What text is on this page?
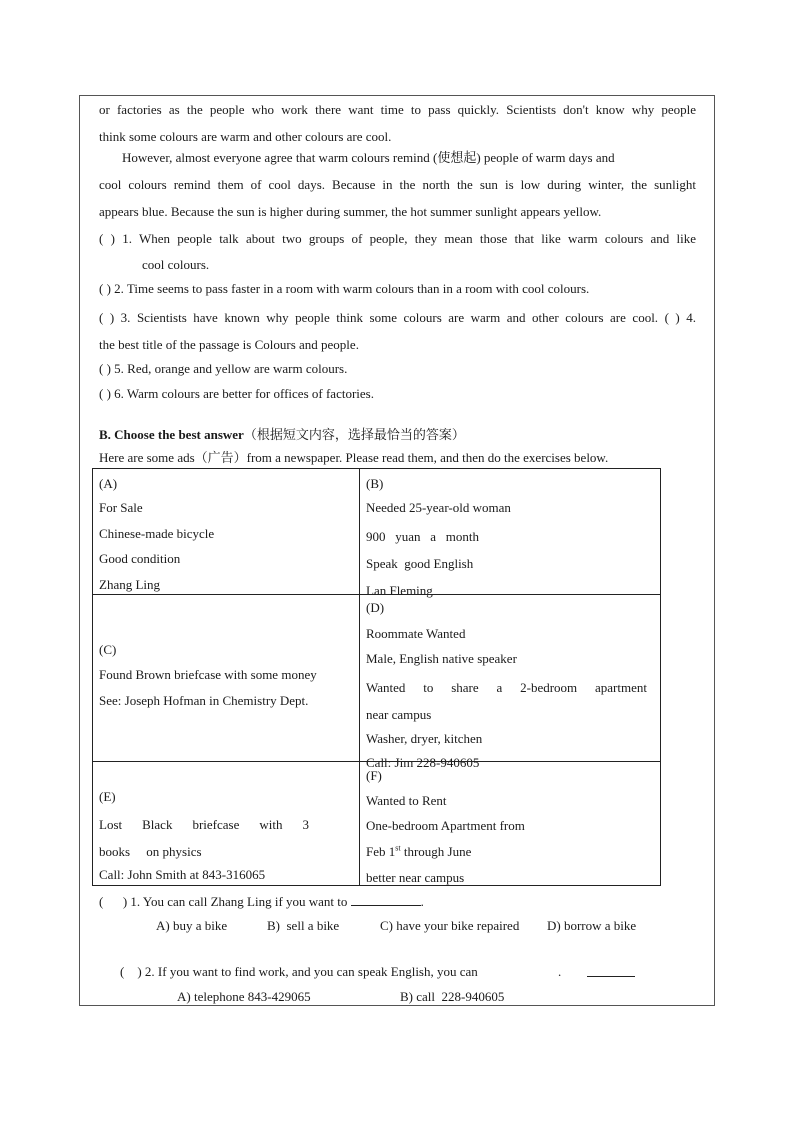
or factories as the people who work there want time to pass quickly. Scientists don't know why people
think some colours are warm and other colours are cool.
However, almost everyone agree that warm colours remind (使想起) people of warm days and
cool colours remind them of cool days. Because in the north the sun is low during winter, the sunlight
appears blue. Because the sun is higher during summer, the hot summer sunlight appears yellow.
( ) 1. When people talk about two groups of people, they mean those that like warm colours and like
cool colours.
( ) 2. Time seems to pass faster in a room with warm colours than in a room with cool colours.
( ) 3. Scientists have known why people think some colours are warm and other colours are cool. ( ) 4.
the best title of the passage is Colours and people.
( ) 5. Red, orange and yellow are warm colours.
( ) 6. Warm colours are better for offices of factories.
B. Choose the best answer（根据短文内容，选择最恰当的答案）
Here are some ads（广告）from a newspaper. Please read them, and then do the exercises below.
(A)
For Sale
Chinese-made bicycle
Good condition
Zhang Ling
(B)
Needed 25-year-old woman
900   yuan   a   month
Speak  good English
Lan Fleming
(C)
Found Brown briefcase with some money
See: Joseph Hofman in Chemistry Dept.
(D)
Roommate Wanted
Male, English native speaker
Wanted to share a 2-bedroom apartment
near campus
Washer, dryer, kitchen
Call: Jim 228-940605
(E)
Lost Black briefcase with 3
books     on physics
Call: John Smith at 843-316065
(F)
Wanted to Rent
One-bedroom Apartment from
Feb 1st through June
better near campus
(      ) 1. You can call Zhang Ling if you want to	.
A) buy a bike	B)  sell a bike	C) have your bike repaired D) borrow a bike
(    ) 2. If you want to find work, and you can speak English, you can	.
A) telephone 843-429065	B) call  228-940605
